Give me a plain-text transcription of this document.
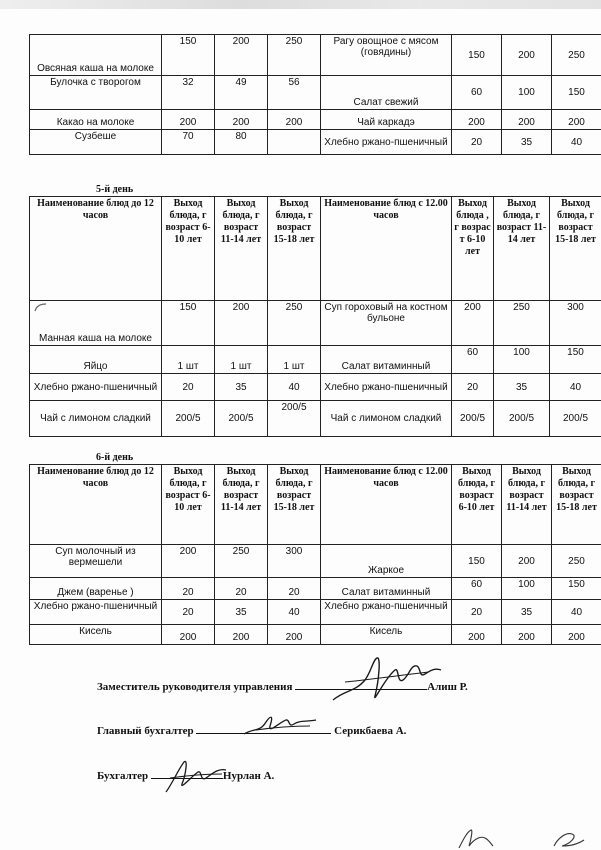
Овсяная каша на молоке	150	200	250	Рагу овощное с мясом (говядины)	150	200	250
Булочка с творогом	32	49	56	Салат свежий	60	100	150
Какао на молоке	200	200	200	Чай каркадэ	200	200	200
Сузбеше	70	80		Хлебно ржано-пшеничный	20	35	40
5-й день
Наименование блюд до 12 часов	Выход блюда, г возраст 6-10 лет	Выход блюда, г возраст 11-14 лет	Выход блюда, г возраст 15-18 лет	Наименование блюд с 12.00 часов	Выход блюда , г возрас т 6-10 лет	Выход блюда, г возраст 11-14 лет	Выход блюда, г возраст 15-18 лет
Манная каша на молоке	150	200	250	Суп гороховый на костном бульоне	200	250	300
Яйцо	1 шт	1 шт	1 шт	Салат витаминный	60	100	150
Хлебно ржано-пшеничный	20	35	40	Хлебно ржано-пшеничный	20	35	40
Чай с лимоном сладкий	200/5	200/5	200/5	Чай с лимоном сладкий	200/5	200/5	200/5
6-й день
Наименование блюд до 12 часов	Выход блюда, г возраст 6-10 лет	Выход блюда, г возраст 11-14 лет	Выход блюда, г возраст 15-18 лет	Наименование блюд с 12.00 часов	Выход блюда, г возраст 6-10 лет	Выход блюда, г возраст 11-14 лет	Выход блюда, г возраст 15-18 лет
Суп молочный из вермешели	200	250	300	Жаркое	150	200	250
Джем (варенье )	20	20	20	Салат витаминный	60	100	150
Хлебно ржано-пшеничный	20	35	40	Хлебно ржано-пшеничный	20	35	40
Кисель	200	200	200	Кисель	200	200	200
Заместитель руководителя управления	Алиш Р.
Главный бухгалтер	Серикбаева А.
Бухгалтер	Нурлан А.
